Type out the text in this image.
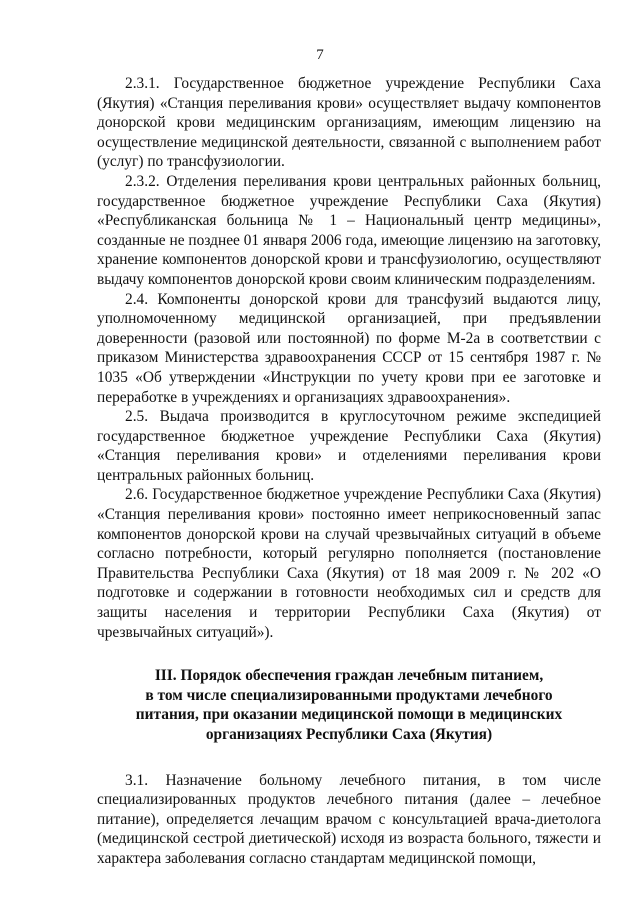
7

2.3.1. Государственное бюджетное учреждение Республики Саха (Якутия) «Станция переливания крови» осуществляет выдачу компонентов донорской крови медицинским организациям, имеющим лицензию на осуществление медицинской деятельности, связанной с выполнением работ (услуг) по трансфузиологии.

2.3.2. Отделения переливания крови центральных районных больниц, государственное бюджетное учреждение Республики Саха (Якутия) «Республиканская больница № 1 – Национальный центр медицины», созданные не позднее 01 января 2006 года, имеющие лицензию на заготовку, хранение компонентов донорской крови и трансфузиологию, осуществляют выдачу компонентов донорской крови своим клиническим подразделениям.

2.4. Компоненты донорской крови для трансфузий выдаются лицу, уполномоченному медицинской организацией, при предъявлении доверенности (разовой или постоянной) по форме М-2а в соответствии с приказом Министерства здравоохранения СССР от 15 сентября 1987 г. № 1035 «Об утверждении «Инструкции по учету крови при ее заготовке и переработке в учреждениях и организациях здравоохранения».

2.5. Выдача производится в круглосуточном режиме экспедицией государственное бюджетное учреждение Республики Саха (Якутия) «Станция переливания крови» и отделениями переливания крови центральных районных больниц.

2.6. Государственное бюджетное учреждение Республики Саха (Якутия) «Станция переливания крови» постоянно имеет неприкосновенный запас компонентов донорской крови на случай чрезвычайных ситуаций в объеме согласно потребности, который регулярно пополняется (постановление Правительства Республики Саха (Якутия) от 18 мая 2009 г. № 202 «О подготовке и содержании в готовности необходимых сил и средств для защиты населения и территории Республики Саха (Якутия) от чрезвычайных ситуаций»).

III. Порядок обеспечения граждан лечебным питанием,
в том числе специализированными продуктами лечебного
питания, при оказании медицинской помощи в медицинских
организациях Республики Саха (Якутия)

3.1. Назначение больному лечебного питания, в том числе специализированных продуктов лечебного питания (далее – лечебное питание), определяется лечащим врачом с консультацией врача-диетолога (медицинской сестрой диетической) исходя из возраста больного, тяжести и характера заболевания согласно стандартам медицинской помощи,
